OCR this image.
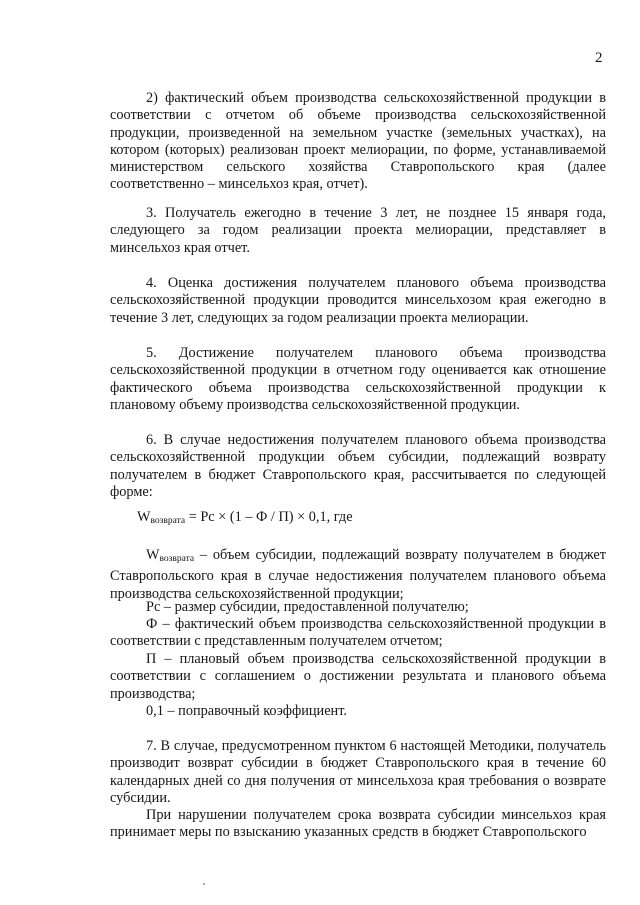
2

2) фактический объем производства сельскохозяйственной продукции в соответствии с отчетом об объеме производства сельскохозяйственной продукции, произведенной на земельном участке (земельных участках), на котором (которых) реализован проект мелиорации, по форме, устанавливаемой министерством сельского хозяйства Ставропольского края (далее соответственно – минсельхоз края, отчет).

3. Получатель ежегодно в течение 3 лет, не позднее 15 января года, следующего за годом реализации проекта мелиорации, представляет в минсельхоз края отчет.

4. Оценка достижения получателем планового объема производства сельскохозяйственной продукции проводится минсельхозом края ежегодно в течение 3 лет, следующих за годом реализации проекта мелиорации.

5. Достижение получателем планового объема производства сельскохозяйственной продукции в отчетном году оценивается как отношение фактического объема производства сельскохозяйственной продукции к плановому объему производства сельскохозяйственной продукции.

6. В случае недостижения получателем планового объема производства сельскохозяйственной продукции объем субсидии, подлежащий возврату получателем в бюджет Ставропольского края, рассчитывается по следующей форме:

$W_{возврата}$ = Рс × (1 – Ф / П) × 0,1, где

Wвозврата – объем субсидии, подлежащий возврату получателем в бюджет Ставропольского края в случае недостижения получателем планового объема производства сельскохозяйственной продукции;

Рс – размер субсидии, предоставленной получателю;

Ф – фактический объем производства сельскохозяйственной продукции в соответствии с представленным получателем отчетом;

П – плановый объем производства сельскохозяйственной продукции в соответствии с соглашением о достижении результата и планового объема производства;

0,1 – поправочный коэффициент.

7. В случае, предусмотренном пунктом 6 настоящей Методики, получатель производит возврат субсидии в бюджет Ставропольского края в течение 60 календарных дней со дня получения от минсельхоза края требования о возврате субсидии.

При нарушении получателем срока возврата субсидии минсельхоз края принимает меры по взысканию указанных средств в бюджет Ставропольского
